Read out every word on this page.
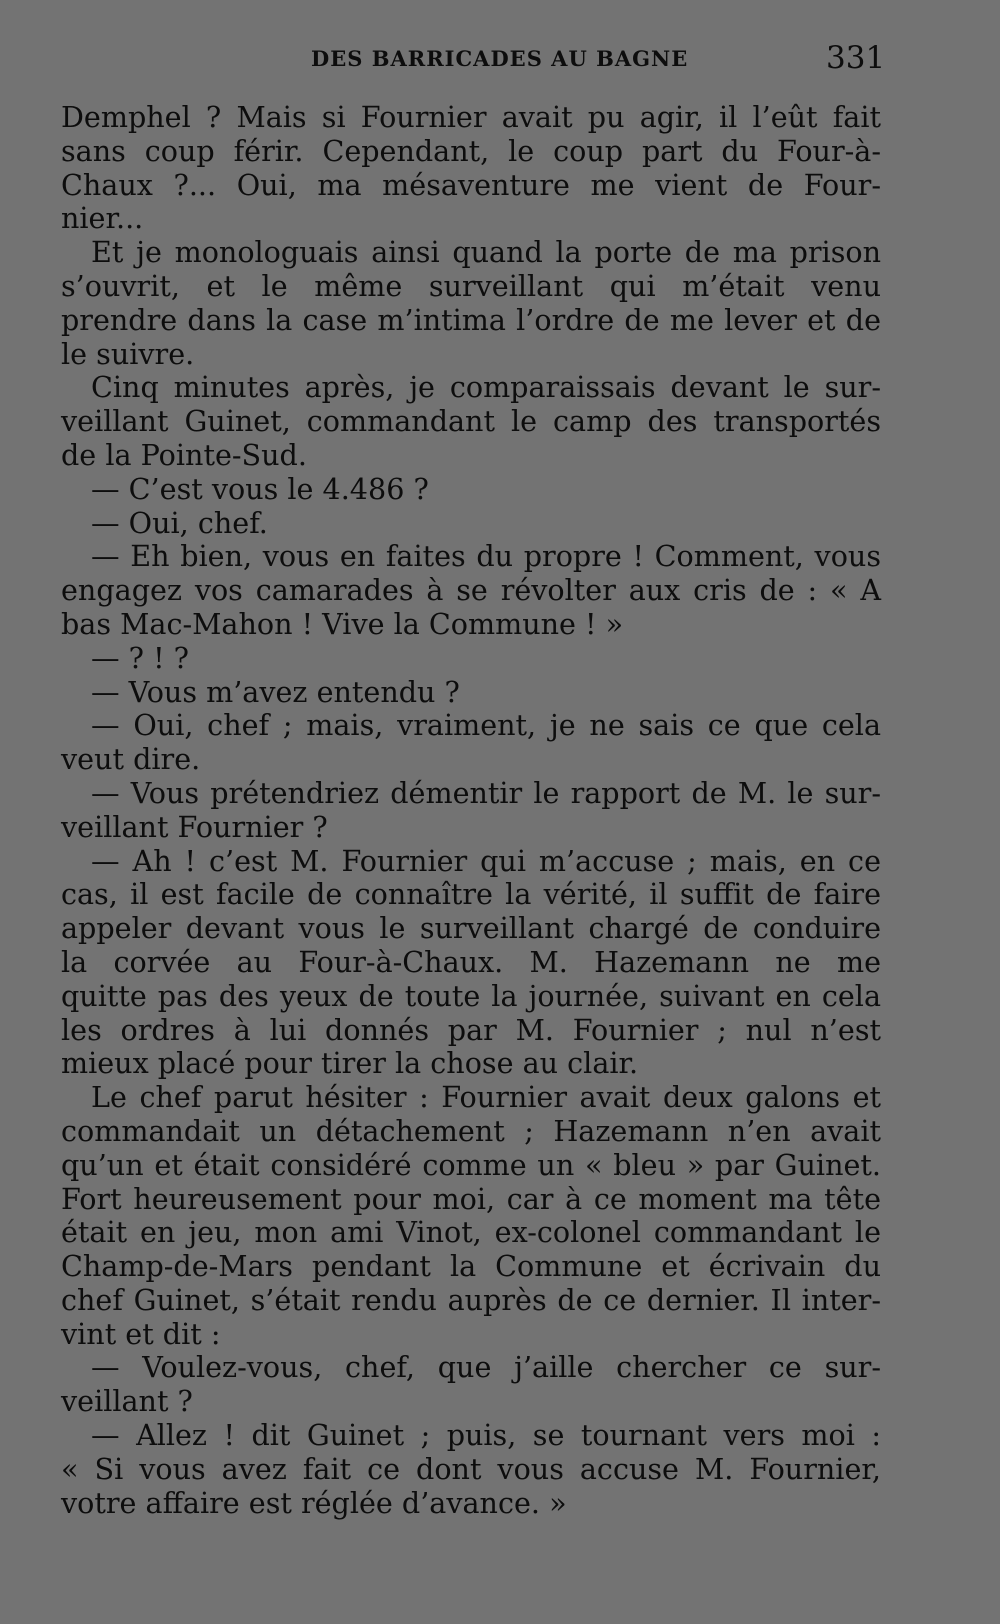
DES BARRICADES AU BAGNE	331
Demphel ? Mais si Fournier avait pu agir, il l’eût fait
sans coup férir. Cependant, le coup part du Four-à-
Chaux ?... Oui, ma mésaventure me vient de Four-
nier...
Et je monologuais ainsi quand la porte de ma prison
s’ouvrit, et le même surveillant qui m’était venu
prendre dans la case m’intima l’ordre de me lever et de
le suivre.
Cinq minutes après, je comparaissais devant le sur-
veillant Guinet, commandant le camp des transportés
de la Pointe-Sud.
— C’est vous le 4.486 ?
— Oui, chef.
— Eh bien, vous en faites du propre ! Comment, vous
engagez vos camarades à se révolter aux cris de : « A
bas Mac-Mahon ! Vive la Commune ! »
— ? ! ?
— Vous m’avez entendu ?
— Oui, chef ; mais, vraiment, je ne sais ce que cela
veut dire.
— Vous prétendriez démentir le rapport de M. le sur-
veillant Fournier ?
— Ah ! c’est M. Fournier qui m’accuse ; mais, en ce
cas, il est facile de connaître la vérité, il suffit de faire
appeler devant vous le surveillant chargé de conduire
la corvée au Four-à-Chaux. M. Hazemann ne me
quitte pas des yeux de toute la journée, suivant en cela
les ordres à lui donnés par M. Fournier ; nul n’est
mieux placé pour tirer la chose au clair.
Le chef parut hésiter : Fournier avait deux galons et
commandait un détachement ; Hazemann n’en avait
qu’un et était considéré comme un « bleu » par Guinet.
Fort heureusement pour moi, car à ce moment ma tête
était en jeu, mon ami Vinot, ex-colonel commandant le
Champ-de-Mars pendant la Commune et écrivain du
chef Guinet, s’était rendu auprès de ce dernier. Il inter-
vint et dit :
— Voulez-vous, chef, que j’aille chercher ce sur-
veillant ?
— Allez ! dit Guinet ; puis, se tournant vers moi :
« Si vous avez fait ce dont vous accuse M. Fournier,
votre affaire est réglée d’avance. »
